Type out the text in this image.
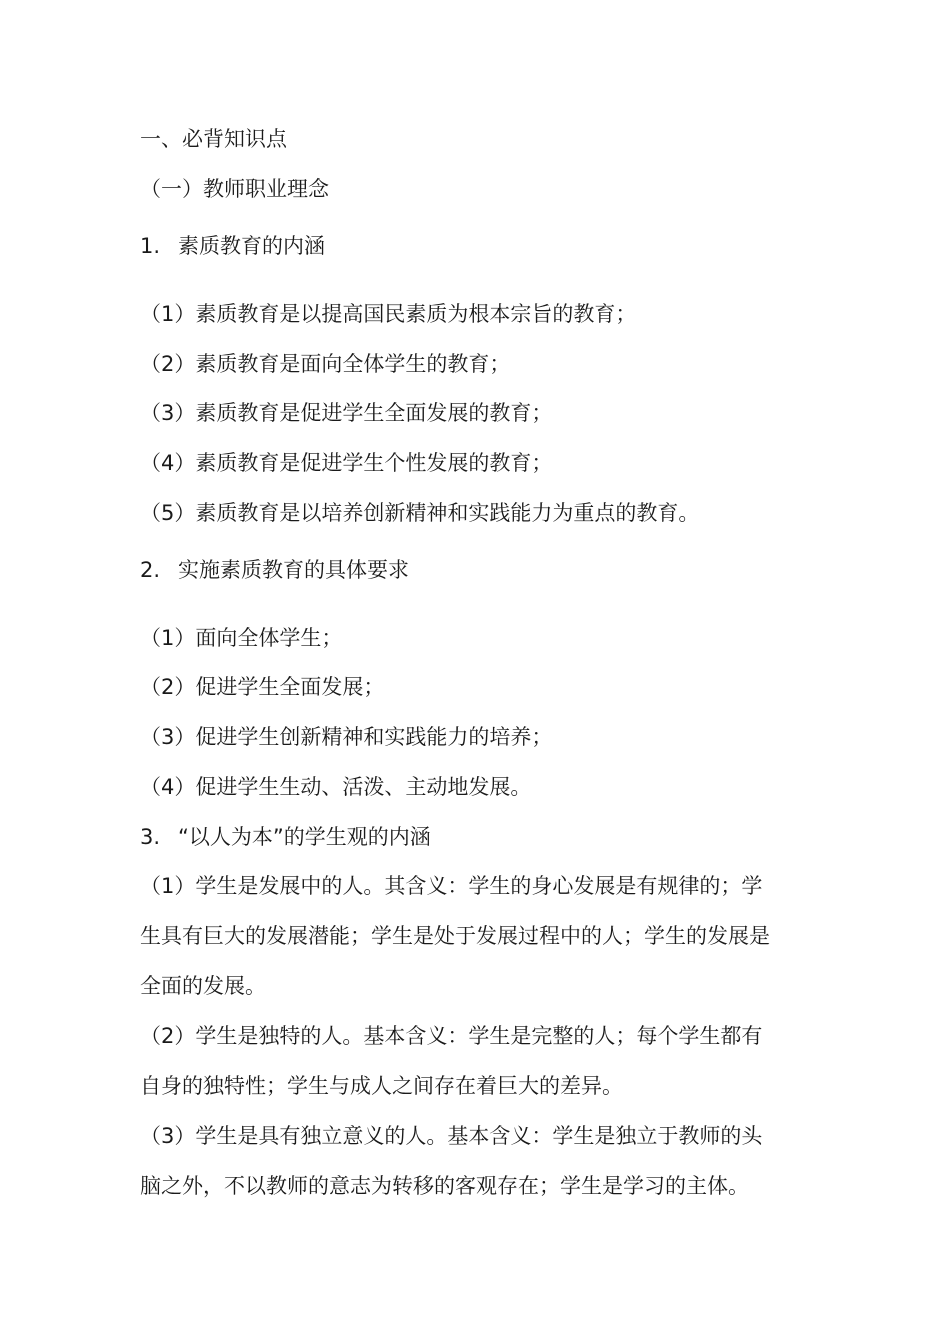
一、必背知识点
（一）教师职业理念
1. 素质教育的内涵
（1）素质教育是以提高国民素质为根本宗旨的教育；
（2）素质教育是面向全体学生的教育；
（3）素质教育是促进学生全面发展的教育；
（4）素质教育是促进学生个性发展的教育；
（5）素质教育是以培养创新精神和实践能力为重点的教育。
2. 实施素质教育的具体要求
（1）面向全体学生；
（2）促进学生全面发展；
（3）促进学生创新精神和实践能力的培养；
（4）促进学生生动、活泼、主动地发展。
3. “以人为本”的学生观的内涵
（1）学生是发展中的人。其含义：学生的身心发展是有规律的；学
生具有巨大的发展潜能；学生是处于发展过程中的人；学生的发展是
全面的发展。
（2）学生是独特的人。基本含义：学生是完整的人；每个学生都有
自身的独特性；学生与成人之间存在着巨大的差异。
（3）学生是具有独立意义的人。基本含义：学生是独立于教师的头
脑之外，不以教师的意志为转移的客观存在；学生是学习的主体。
